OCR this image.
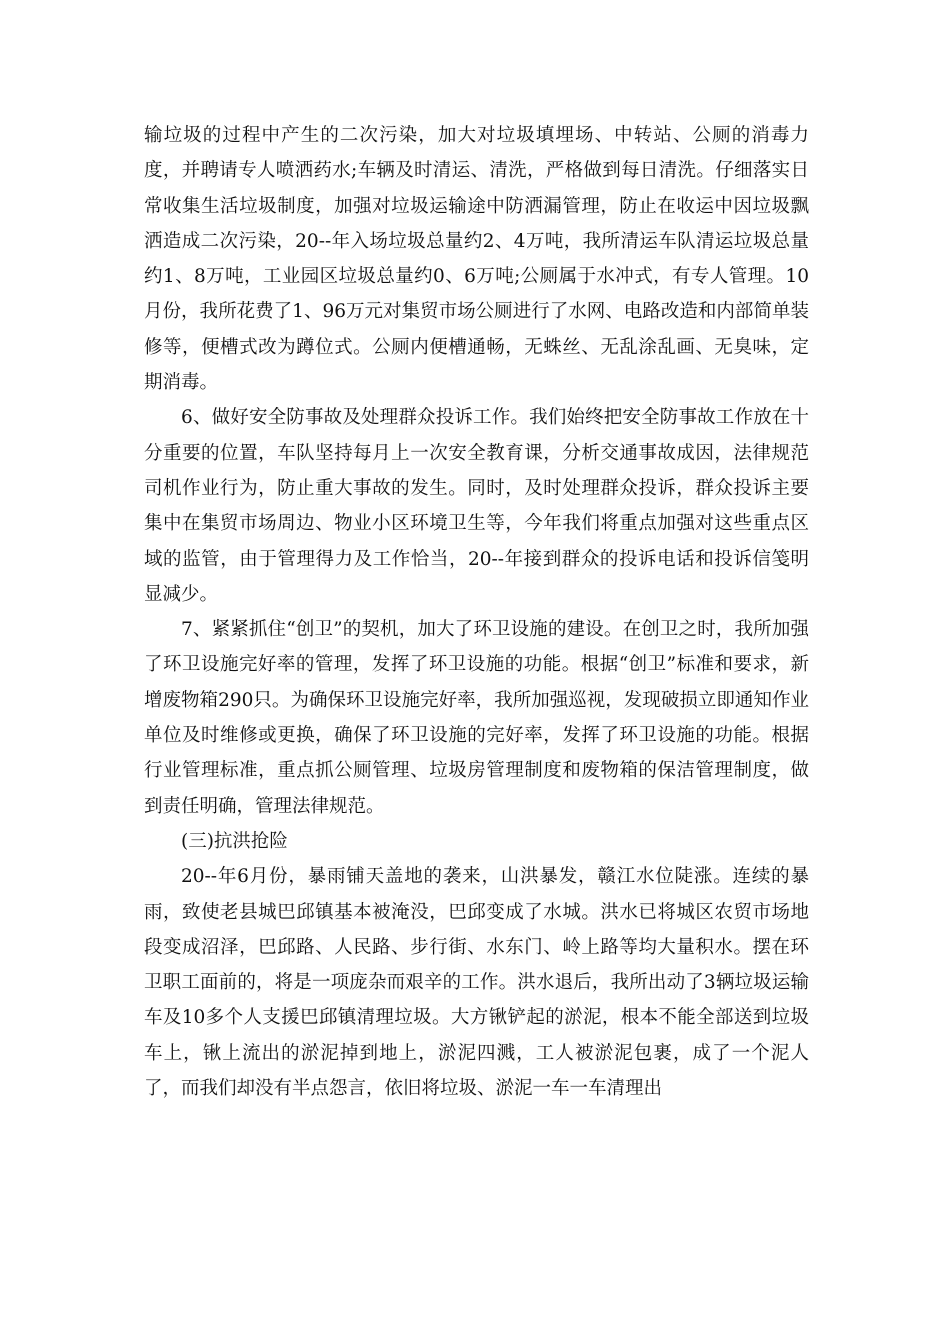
输垃圾的过程中产生的二次污染，加大对垃圾填埋场、中转站、公厕的消毒力度，并聘请专人喷洒药水;车辆及时清运、清洗，严格做到每日清洗。仔细落实日常收集生活垃圾制度，加强对垃圾运输途中防洒漏管理，防止在收运中因垃圾飘洒造成二次污染，20--年入场垃圾总量约2、4万吨，我所清运车队清运垃圾总量约1、8万吨，工业园区垃圾总量约0、6万吨;公厕属于水冲式，有专人管理。10月份，我所花费了1、96万元对集贸市场公厕进行了水网、电路改造和内部简单装修等，便槽式改为蹲位式。公厕内便槽通畅，无蛛丝、无乱涂乱画、无臭味，定期消毒。

6、做好安全防事故及处理群众投诉工作。我们始终把安全防事故工作放在十分重要的位置，车队坚持每月上一次安全教育课，分析交通事故成因，法律规范司机作业行为，防止重大事故的发生。同时，及时处理群众投诉，群众投诉主要集中在集贸市场周边、物业小区环境卫生等，今年我们将重点加强对这些重点区域的监管，由于管理得力及工作恰当，20--年接到群众的投诉电话和投诉信笺明显减少。

7、紧紧抓住“创卫”的契机，加大了环卫设施的建设。在创卫之时，我所加强了环卫设施完好率的管理，发挥了环卫设施的功能。根据“创卫”标准和要求，新增废物箱290只。为确保环卫设施完好率，我所加强巡视，发现破损立即通知作业单位及时维修或更换，确保了环卫设施的完好率，发挥了环卫设施的功能。根据行业管理标准，重点抓公厕管理、垃圾房管理制度和废物箱的保洁管理制度，做到责任明确，管理法律规范。

(三)抗洪抢险

20--年6月份，暴雨铺天盖地的袭来，山洪暴发，赣江水位陡涨。连续的暴雨，致使老县城巴邱镇基本被淹没，巴邱变成了水城。洪水已将城区农贸市场地段变成沼泽，巴邱路、人民路、步行街、水东门、岭上路等均大量积水。摆在环卫职工面前的，将是一项庞杂而艰辛的工作。洪水退后，我所出动了3辆垃圾运输车及10多个人支援巴邱镇清理垃圾。大方锹铲起的淤泥，根本不能全部送到垃圾车上，锹上流出的淤泥掉到地上，淤泥四溅，工人被淤泥包裹，成了一个泥人了，而我们却没有半点怨言，依旧将垃圾、淤泥一车一车清理出
